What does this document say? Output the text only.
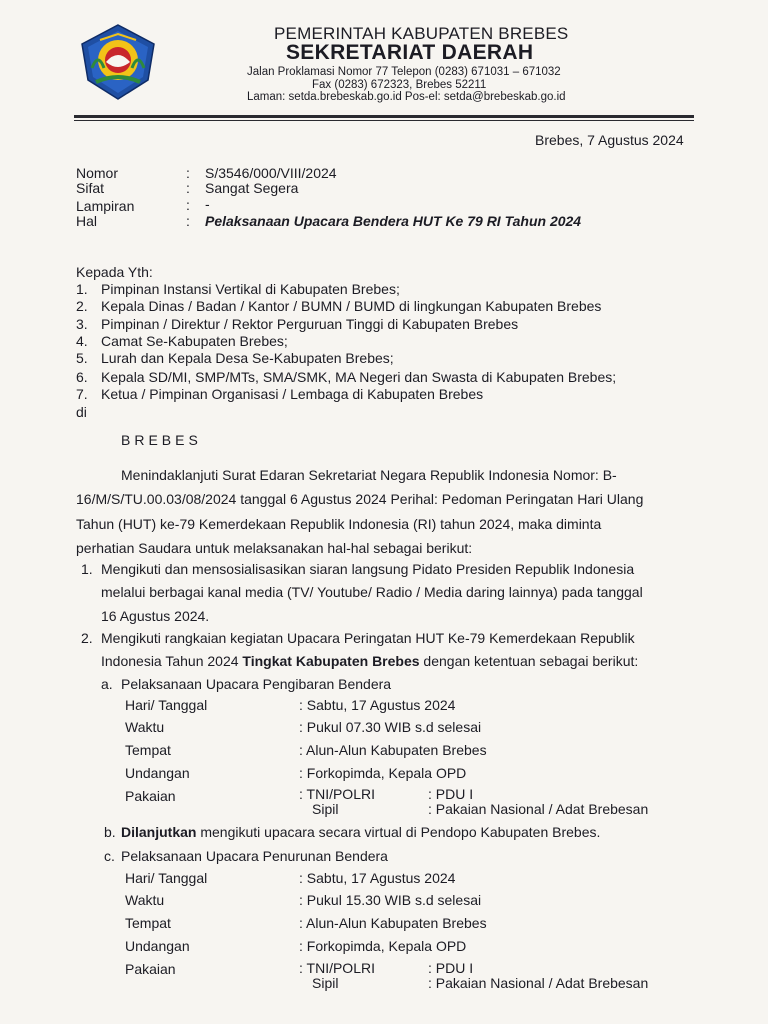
PEMERINTAH KABUPATEN BREBES
SEKRETARIAT DAERAH
Jalan Proklamasi Nomor 77 Telepon (0283) 671031 – 671032
Fax (0283) 672323, Brebes 52211
Laman: setda.brebeskab.go.id Pos-el: setda@brebeskab.go.id
Brebes, 7 Agustus 2024
Nomor	: S/3546/000/VIII/2024
Sifat	: Sangat Segera
Lampiran	: -
Hal	: Pelaksanaan Upacara Bendera HUT Ke 79 RI Tahun 2024
Kepada Yth:
1. Pimpinan Instansi Vertikal di Kabupaten Brebes;
2. Kepala Dinas / Badan / Kantor / BUMN / BUMD di lingkungan Kabupaten Brebes
3. Pimpinan / Direktur / Rektor Perguruan Tinggi di Kabupaten Brebes
4. Camat Se-Kabupaten Brebes;
5. Lurah dan Kepala Desa Se-Kabupaten Brebes;
6. Kepala SD/MI, SMP/MTs, SMA/SMK, MA Negeri dan Swasta di Kabupaten Brebes;
7. Ketua / Pimpinan Organisasi / Lembaga di Kabupaten Brebes
di
BREBES
Menindaklanjuti Surat Edaran Sekretariat Negara Republik Indonesia Nomor: B-
16/M/S/TU.00.03/08/2024 tanggal 6 Agustus 2024 Perihal: Pedoman Peringatan Hari Ulang
Tahun (HUT) ke-79 Kemerdekaan Republik Indonesia (RI) tahun 2024, maka diminta
perhatian Saudara untuk melaksanakan hal-hal sebagai berikut:
1. Mengikuti dan mensosialisasikan siaran langsung Pidato Presiden Republik Indonesia
melalui berbagai kanal media (TV/ Youtube/ Radio / Media daring lainnya) pada tanggal
16 Agustus 2024.
2. Mengikuti rangkaian kegiatan Upacara Peringatan HUT Ke-79 Kemerdekaan Republik
Indonesia Tahun 2024 Tingkat Kabupaten Brebes dengan ketentuan sebagai berikut:
a. Pelaksanaan Upacara Pengibaran Bendera
Hari/ Tanggal	: Sabtu, 17 Agustus 2024
Waktu	: Pukul 07.30 WIB s.d selesai
Tempat	: Alun-Alun Kabupaten Brebes
Undangan	: Forkopimda, Kepala OPD
Pakaian	: TNI/POLRI	: PDU I
Sipil	: Pakaian Nasional / Adat Brebesan
b. Dilanjutkan mengikuti upacara secara virtual di Pendopo Kabupaten Brebes.
c. Pelaksanaan Upacara Penurunan Bendera
Hari/ Tanggal	: Sabtu, 17 Agustus 2024
Waktu	: Pukul 15.30 WIB s.d selesai
Tempat	: Alun-Alun Kabupaten Brebes
Undangan	: Forkopimda, Kepala OPD
Pakaian	: TNI/POLRI	: PDU I
Sipil	: Pakaian Nasional / Adat Brebesan
